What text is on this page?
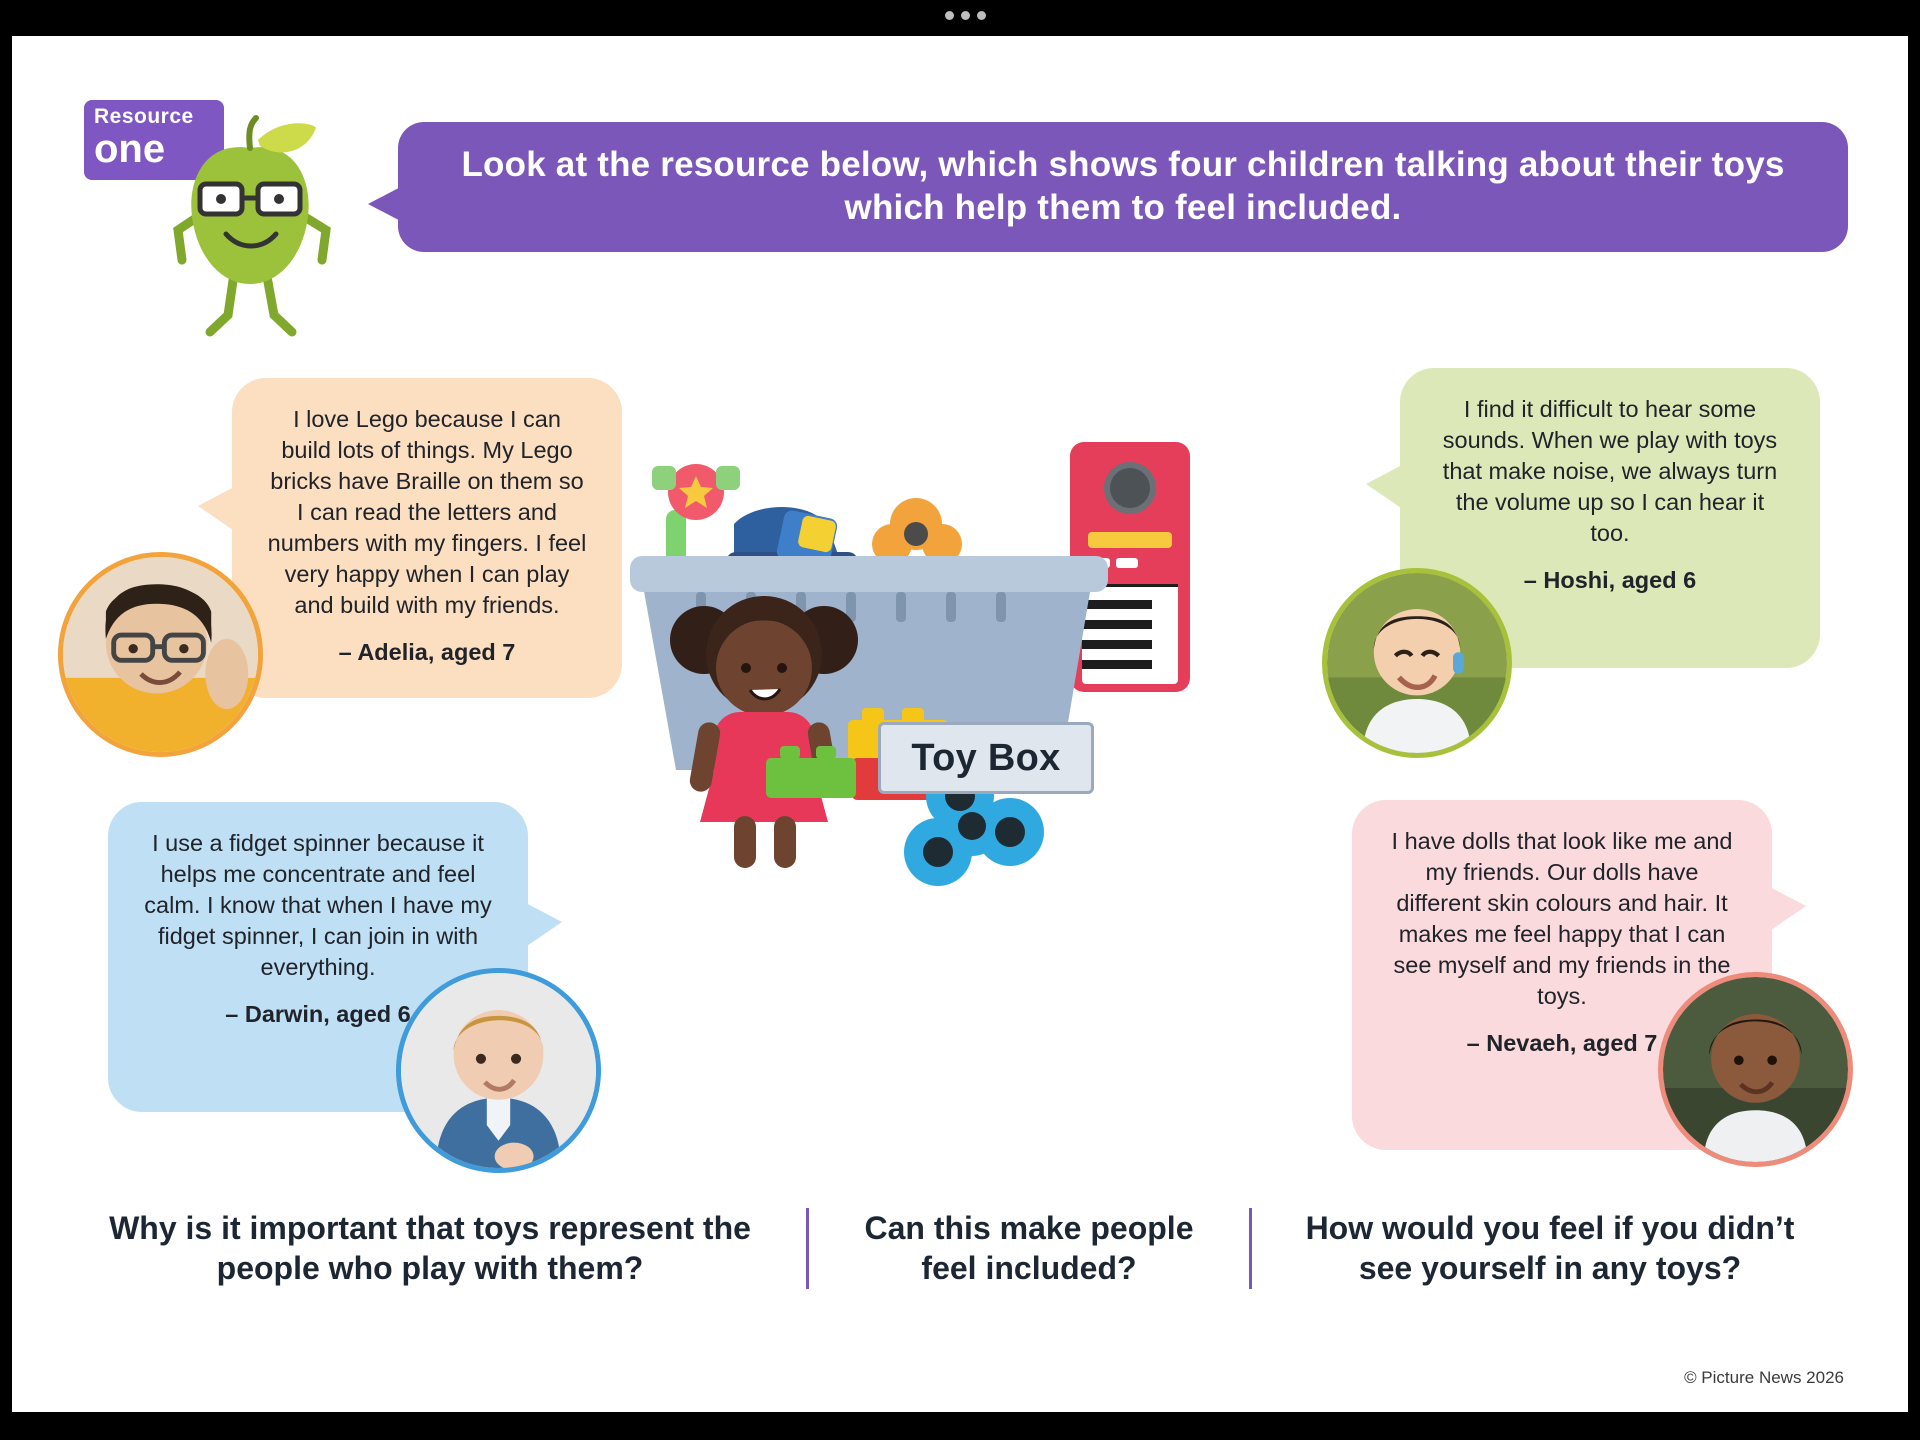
Resource
one	Look at the resource below, which shows four children talking about their toys which help them to feel included.
I love Lego because I can build lots of things. My Lego bricks have Braille on them so I can read the letters and numbers with my fingers. I feel very happy when I can play and build with my friends.
– Adelia, aged 7
I use a fidget spinner because it helps me concentrate and feel calm. I know that when I have my fidget spinner, I can join in with everything.
– Darwin, aged 6
I find it difficult to hear some sounds. When we play with toys that make noise, we always turn the volume up so I can hear it too.
– Hoshi, aged 6
I have dolls that look like me and my friends. Our dolls have different skin colours and hair. It makes me feel happy that I can see myself and my friends in the toys.
– Nevaeh, aged 7
Toy Box
Why is it important that toys represent the people who play with them?
Can this make people feel included?
How would you feel if you didn’t see yourself in any toys?
© Picture News 2026
